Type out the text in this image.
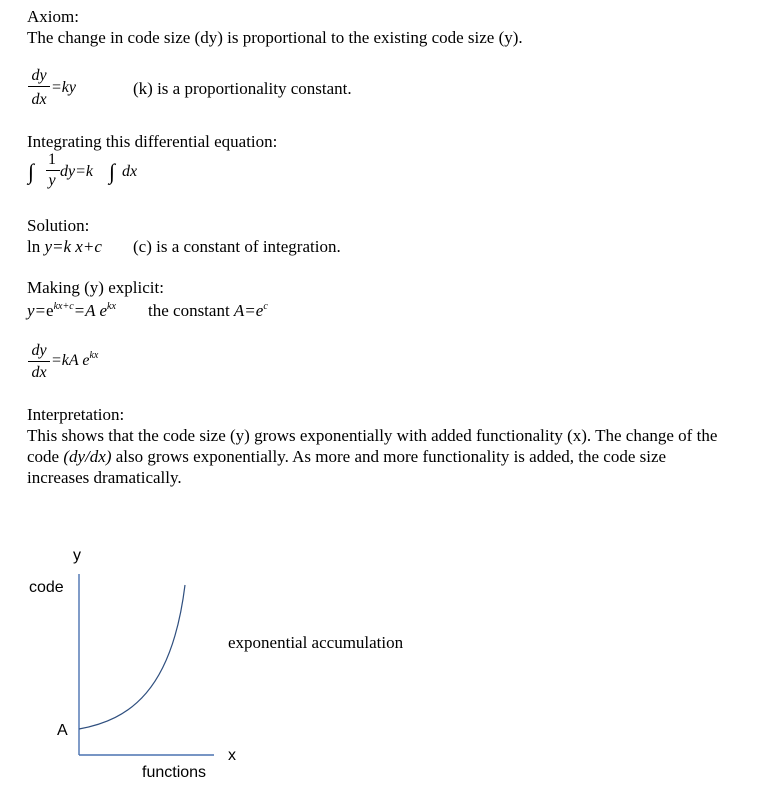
Axiom:
The change in code size (dy) is proportional to the existing code size (y).
dy
dx
=ky	(k) is a proportionality constant.
Integrating this differential equation:
∫ 1
y
dy=k ∫ dx
Solution:
ln y=k x+c (c) is a constant of integration.
Making (y) explicit:
$y=e^{kx+c}=A$ $e^{kx}$ the constant $A=e^c$
dy
dx
=kA $e^{kx}$
Interpretation:
This shows that the code size (y) grows exponentially with added functionality (x). The change of the code (dy/dx) also grows exponentially. As more and more functionality is added, the code size increases dramatically.
y
code
A
x
functions
exponential accumulation
